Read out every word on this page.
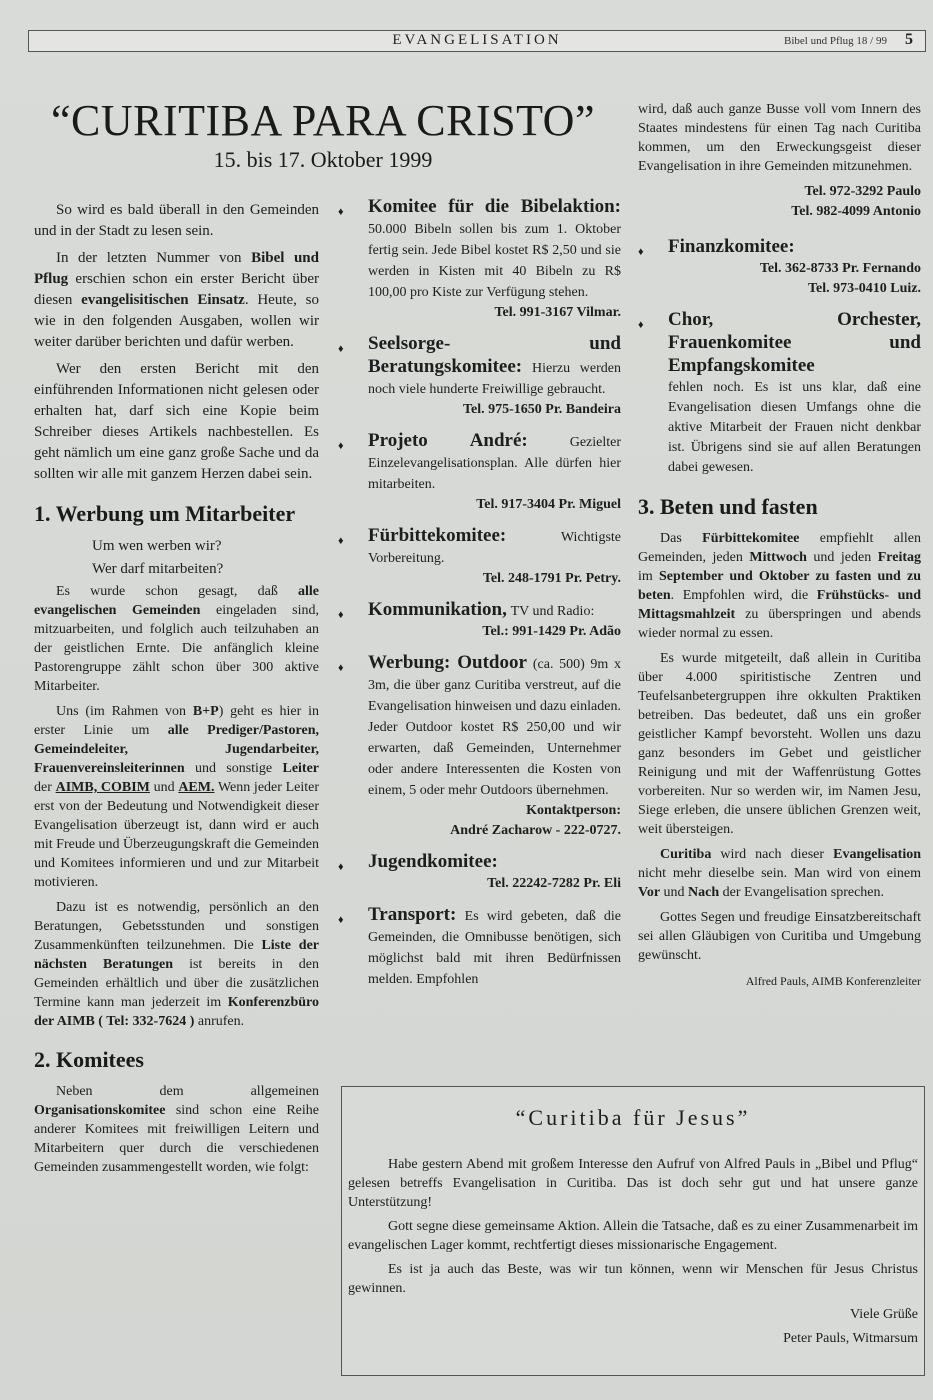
EVANGELISATION	Bibel und Pflug 18 / 99 5
“CURITIBA PARA CRISTO”
15. bis 17. Oktober 1999

So wird es bald überall in den Gemeinden und in der Stadt zu lesen sein.

In der letzten Nummer von Bibel und Pflug erschien schon ein erster Bericht über diesen evangelisitischen Einsatz. Heute, so wie in den folgenden Ausgaben, wollen wir weiter darüber berichten und dafür werben.

Wer den ersten Bericht mit den einführenden Informationen nicht gelesen oder erhalten hat, darf sich eine Kopie beim Schreiber dieses Artikels nachbestellen. Es geht nämlich um eine ganz große Sache und da sollten wir alle mit ganzem Herzen dabei sein.

1. Werbung um Mitarbeiter

Um wen werben wir?

Wer darf mitarbeiten?

Es wurde schon gesagt, daß alle evangelischen Gemeinden eingeladen sind, mitzuarbeiten, und folglich auch teilzuhaben an der geistlichen Ernte. Die anfänglich kleine Pastorengruppe zählt schon über 300 aktive Mitarbeiter.

Uns (im Rahmen von B+P) geht es hier in erster Linie um alle Prediger/Pastoren, Gemeindeleiter, Jugendarbeiter, Frauenvereinsleiterinnen und sonstige Leiter der AIMB, COBIM und AEM. Wenn jeder Leiter erst von der Bedeutung und Notwendigkeit dieser Evangelisation überzeugt ist, dann wird er auch mit Freude und Überzeugungskraft die Gemeinden und Komitees informieren und und zur Mitarbeit motivieren.

Dazu ist es notwendig, persönlich an den Beratungen, Gebetsstunden und sonstigen Zusammenkünften teilzunehmen. Die Liste der nächsten Beratungen ist bereits in den Gemeinden erhältlich und über die zusätzlichen Termine kann man jederzeit im Konferenzbüro der AIMB ( Tel: 332-7624 ) anrufen.

2. Komitees

Neben dem allgemeinen Organisationskomitee sind schon eine Reihe anderer Komitees mit freiwilligen Leitern und Mitarbeitern quer durch die verschiedenen Gemeinden zusammengestellt worden, wie folgt:

♦ Komitee für die Bibelaktion: 50.000 Bibeln sollen bis zum 1. Oktober fertig sein. Jede Bibel kostet R$ 2,50 und sie werden in Kisten mit 40 Bibeln zu R$ 100,00 pro Kiste zur Verfügung stehen.
Tel. 991-3167 Vilmar.
♦ Seelsorge- und Beratungskomitee: Hierzu werden noch viele hunderte Freiwillige gebraucht.
Tel. 975-1650 Pr. Bandeira
♦ Projeto André:	Gezielter Einzelevangelisationsplan. Alle dürfen hier mitarbeiten.
Tel. 917-3404 Pr. Miguel
♦ Fürbittekomitee:	Wichtigste Vorbereitung.
Tel. 248-1791 Pr. Petry.
♦ Kommunikation, TV und Radio:
Tel.: 991-1429 Pr. Adão
♦ Werbung: Outdoor (ca. 500) 9m x 3m, die über ganz Curitiba verstreut, auf die Evangelisation hinweisen und dazu einladen. Jeder Outdoor kostet R$ 250,00 und wir erwarten, daß Gemeinden, Unternehmer oder andere Interessenten die Kosten von einem, 5 oder mehr Outdoors übernehmen.
Kontaktperson:
André Zacharow - 222-0727.
♦ Jugendkomitee:
Tel. 22242-7282 Pr. Eli
♦ Transport: Es wird gebeten, daß die Gemeinden, die Omnibusse benötigen, sich möglichst bald mit ihren Bedürfnissen melden. Empfohlen

wird, daß auch ganze Busse voll vom Innern des Staates mindestens für einen Tag nach Curitiba kommen, um den Erweckungsgeist dieser Evangelisation in ihre Gemeinden mitzunehmen.

Tel. 972-3292 Paulo
Tel. 982-4099 Antonio
♦ Finanzkomitee:
Tel. 362-8733 Pr. Fernando
Tel. 973-0410 Luiz.
♦ Chor, Orchester, Frauenkomitee und Empfangskomitee
fehlen noch. Es ist uns klar, daß eine Evangelisation diesen Umfangs ohne die aktive Mitarbeit der Frauen nicht denkbar ist. Übrigens sind sie auf allen Beratungen dabei gewesen.
3. Beten und fasten

Das Fürbittekomitee empfiehlt allen Gemeinden, jeden Mittwoch und jeden Freitag im September und Oktober zu fasten und zu beten. Empfohlen wird, die Frühstücks- und Mittagsmahlzeit zu überspringen und abends wieder normal zu essen.

Es wurde mitgeteilt, daß allein in Curitiba über 4.000 spiritistische Zentren und Teufelsanbetergruppen ihre okkulten Praktiken betreiben. Das bedeutet, daß uns ein großer geistlicher Kampf bevorsteht. Wollen uns dazu ganz besonders im Gebet und geistlicher Reinigung und mit der Waffenrüstung Gottes vorbereiten. Nur so werden wir, im Namen Jesu, Siege erleben, die unsere üblichen Grenzen weit, weit übersteigen.

Curitiba wird nach dieser Evangelisation nicht mehr dieselbe sein. Man wird von einem Vor und Nach der Evangelisation sprechen.

Gottes Segen und freudige Einsatzbereitschaft sei allen Gläubigen von Curitiba und Umgebung gewünscht.

Alfred Pauls, AIMB Konferenzleiter
“Curitiba für Jesus”

Habe gestern Abend mit großem Interesse den Aufruf von Alfred Pauls in „Bibel und Pflug“ gelesen betreffs Evangelisation in Curitiba. Das ist doch sehr gut und hat unsere ganze Unterstützung!

Gott segne diese gemeinsame Aktion. Allein die Tatsache, daß es zu einer Zusammenarbeit im evangelischen Lager kommt, rechtfertigt dieses missionarische Engagement.

Es ist ja auch das Beste, was wir tun können, wenn wir Menschen für Jesus Christus gewinnen.

Viele Grüße
Peter Pauls, Witmarsum
